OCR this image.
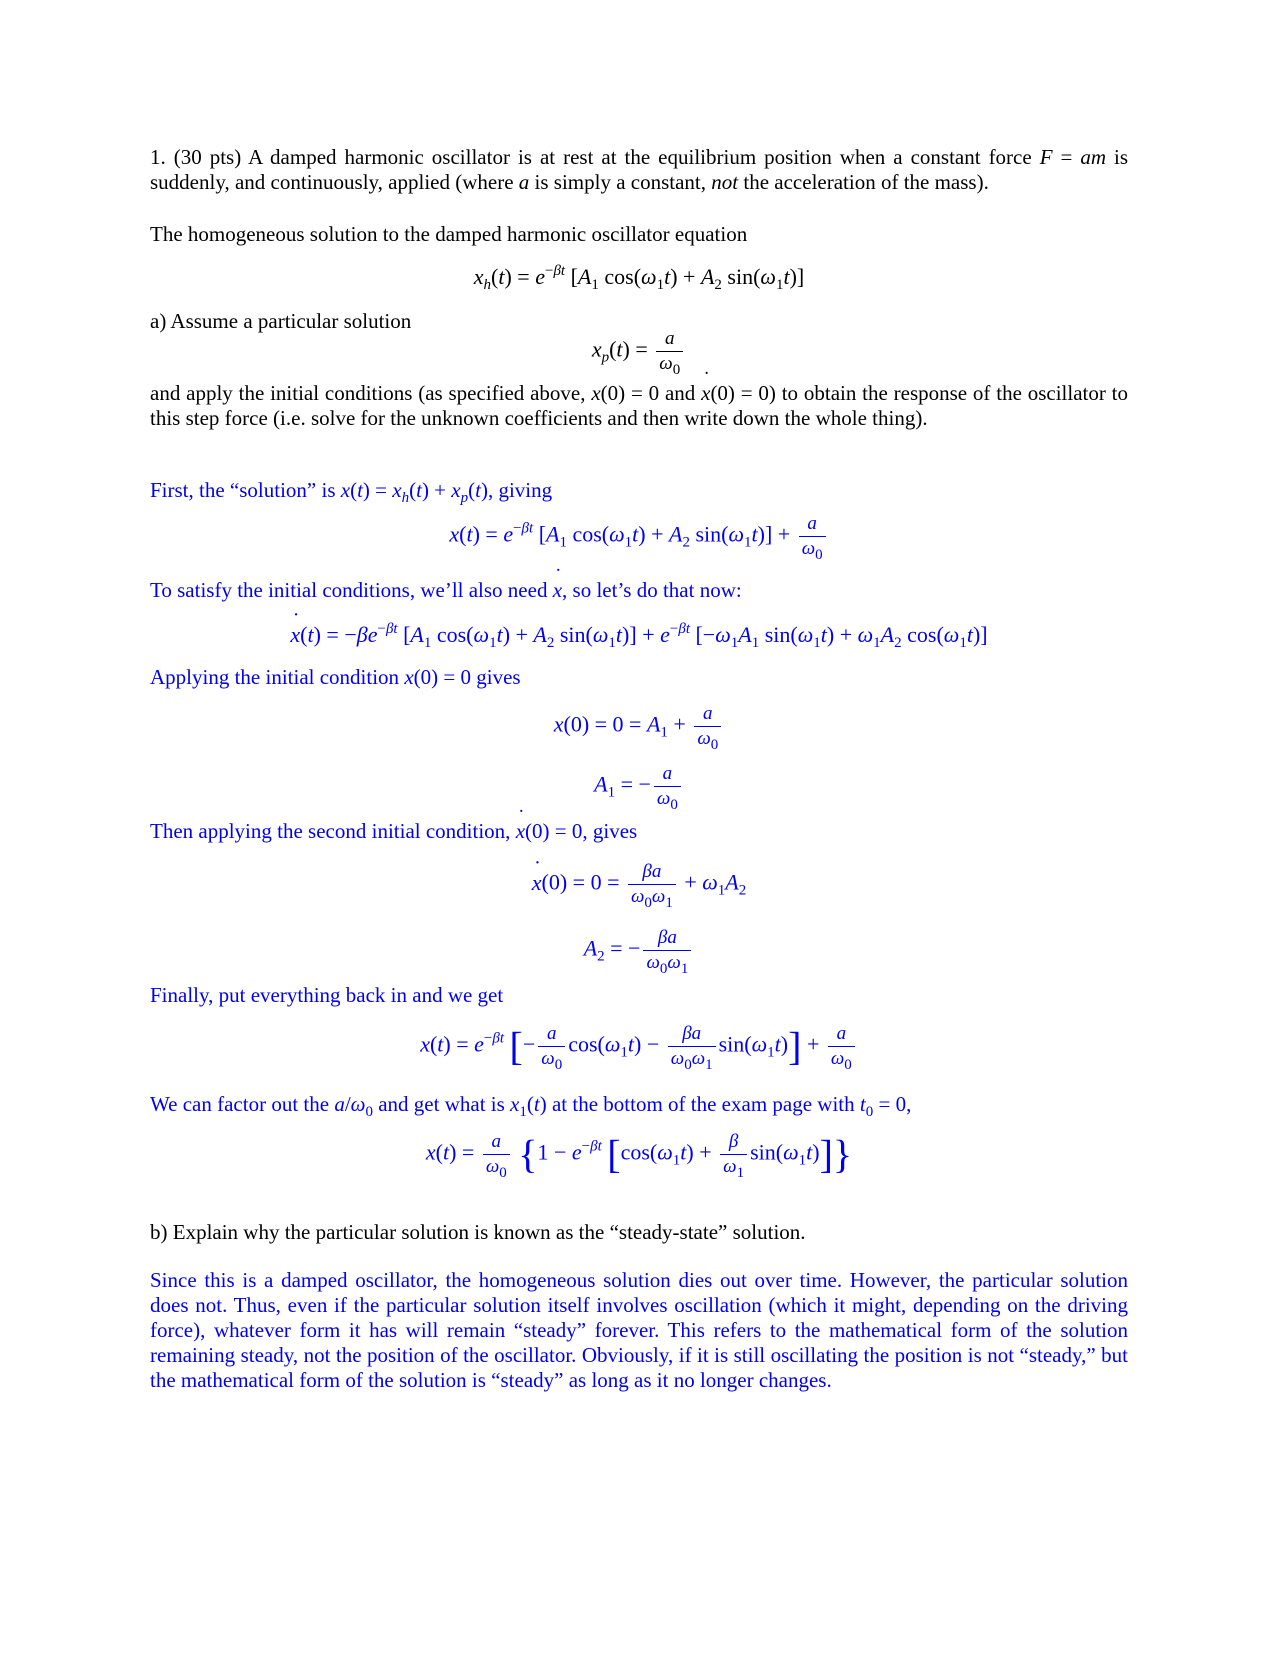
1. (30 pts) A damped harmonic oscillator is at rest at the equilibrium position when a constant force F = am is suddenly, and continuously, applied (where a is simply a constant, not the acceleration of the mass).
The homogeneous solution to the damped harmonic oscillator equation
$x_h(t) = e^{-\beta t}$ [$A_1$ $\cos(\omega_1t) + A_2$ $\sin(\omega_1t)$]
a) Assume a particular solution
$x_p(t) = \frac{a}{\omega_0}$
and apply the initial conditions (as specified above, x(0) = 0 and ˙ x(0) = 0) to obtain the response of the oscillator to this step force (i.e. solve for the unknown coefficients and then write down the whole thing).
First, the “solution” is $x(t) = x_h(t) + x_p(t)$, giving
$x(t) = e^{-\beta t}$ [$A_1$ $\cos(\omega_1t) + A_2$ $\sin(\omega_1t)] + \frac{a}{\omega_0}$
To satisfy the initial conditions, we’ll also need ˙ x, so let’s do that now:
˙ $x(t) = -\beta e^{-\beta t}$ [$A_1$ $\cos(\omega_1t) + A_2$ $\sin(\omega_1t)] + e^{-\beta t}$ [$-\omega_1A_1$ $\sin(\omega_1t) + \omega_1A_2$ $\cos(\omega_1t)$]
Applying the initial condition x(0) = 0 gives
$x(0) = 0 = A_1 + \frac{a}{\omega_0}$
$A_1$ = − $\frac{a}{\omega_0}$
Then applying the second initial condition, ˙ x(0) = 0, gives
˙ $x(0) = 0 = \frac{\beta a}{\omega_0\omega_1} + \omega_1A_2$
$A_2$ = − $\frac{\beta a}{\omega_0\omega_1}$
Finally, put everything back in and we get
$x(t) = e^{-\beta t}$ [− $\frac{a}{\omega_0} \cos(\omega_1t) - \frac{\beta a}{\omega_0\omega_1} \sin(\omega_1t)] + \frac{a}{\omega_0}$
We can factor out the $a/\omega_0$ and get what is $x_1(t)$ at the bottom of the exam page with $t_0 = 0$,
$x(t) = \frac{a}{\omega_0} \{1 - e^{-\beta t}$ $[\cos(\omega_1t) + \frac{\beta}{\omega_1} \sin(\omega_1t)]$}
b) Explain why the particular solution is known as the “steady-state” solution.
Since this is a damped oscillator, the homogeneous solution dies out over time. However, the particular solution does not. Thus, even if the particular solution itself involves oscillation (which it might, depending on the driving force), whatever form it has will remain “steady” forever. This refers to the mathematical form of the solution remaining steady, not the position of the oscillator. Obviously, if it is still oscillating the position is not “steady,” but the mathematical form of the solution is “steady” as long as it no longer changes.
